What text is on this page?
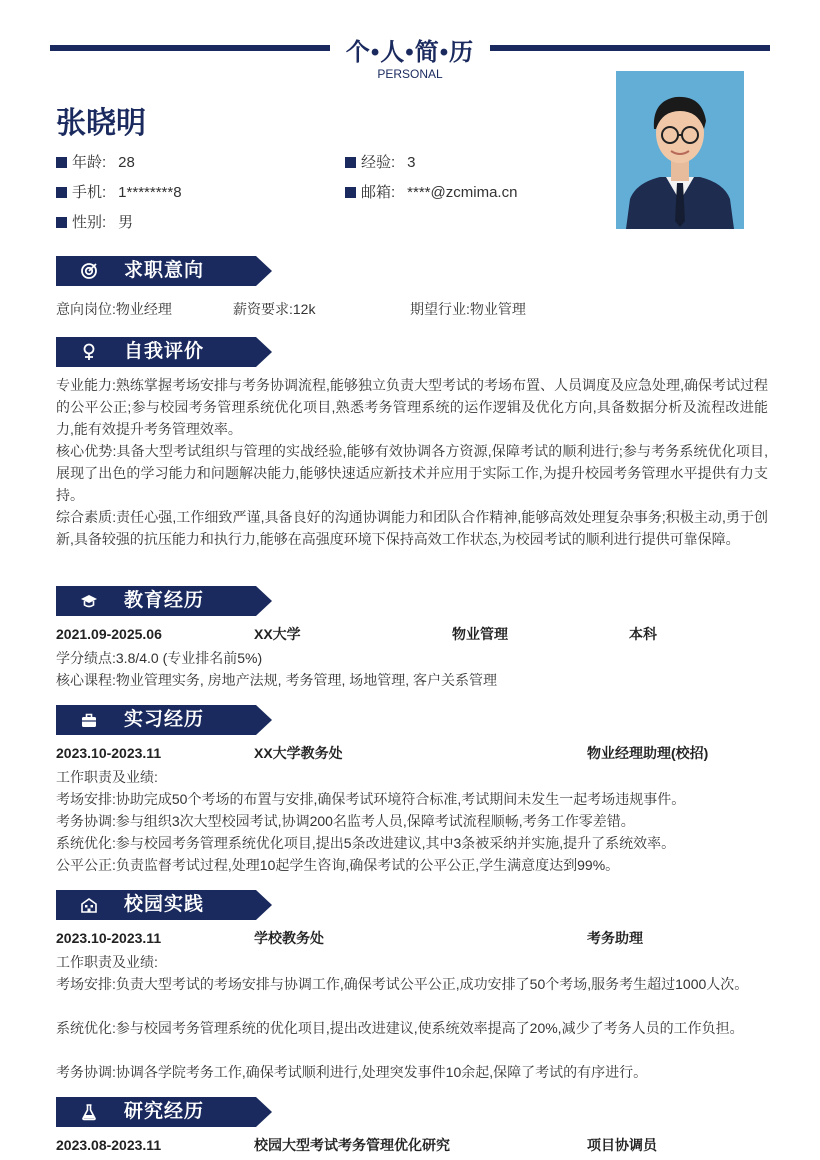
个•人•简•历
PERSONAL
张晓明
年龄: 28	经验: 3
手机: 1********8	邮箱: ****@zcmima.cn
性别: 男
求职意向
意向岗位:物业经理	薪资要求:12k	期望行业:物业管理
自我评价
专业能力:熟练掌握考场安排与考务协调流程,能够独立负责大型考试的考场布置、人员调度及应急处理,确保考试过程的公平公正;参与校园考务管理系统优化项目,熟悉考务管理系统的运作逻辑及优化方向,具备数据分析及流程改进能力,能有效提升考务管理效率。
核心优势:具备大型考试组织与管理的实战经验,能够有效协调各方资源,保障考试的顺利进行;参与考务系统优化项目,展现了出色的学习能力和问题解决能力,能够快速适应新技术并应用于实际工作,为提升校园考务管理水平提供有力支持。
综合素质:责任心强,工作细致严谨,具备良好的沟通协调能力和团队合作精神,能够高效处理复杂事务;积极主动,勇于创新,具备较强的抗压能力和执行力,能够在高强度环境下保持高效工作状态,为校园考试的顺利进行提供可靠保障。
教育经历
2021.09-2025.06	XX大学	物业管理	本科
学分绩点:3.8/4.0 (专业排名前5%)
核心课程:物业管理实务, 房地产法规, 考务管理, 场地管理, 客户关系管理
实习经历
2023.10-2023.11	XX大学教务处	物业经理助理(校招)
工作职责及业绩:
考场安排:协助完成50个考场的布置与安排,确保考试环境符合标准,考试期间未发生一起考场违规事件。
考务协调:参与组织3次大型校园考试,协调200名监考人员,保障考试流程顺畅,考务工作零差错。
系统优化:参与校园考务管理系统优化项目,提出5条改进建议,其中3条被采纳并实施,提升了系统效率。
公平公正:负责监督考试过程,处理10起学生咨询,确保考试的公平公正,学生满意度达到99%。
校园实践
2023.10-2023.11	学校教务处	考务助理
工作职责及业绩:
考场安排:负责大型考试的考场安排与协调工作,确保考试公平公正,成功安排了50个考场,服务考生超过1000人次。
系统优化:参与校园考务管理系统的优化项目,提出改进建议,使系统效率提高了20%,减少了考务人员的工作负担。
考务协调:协调各学院考务工作,确保考试顺利进行,处理突发事件10余起,保障了考试的有序进行。
研究经历
2023.08-2023.11	校园大型考试考务管理优化研究	项目协调员
